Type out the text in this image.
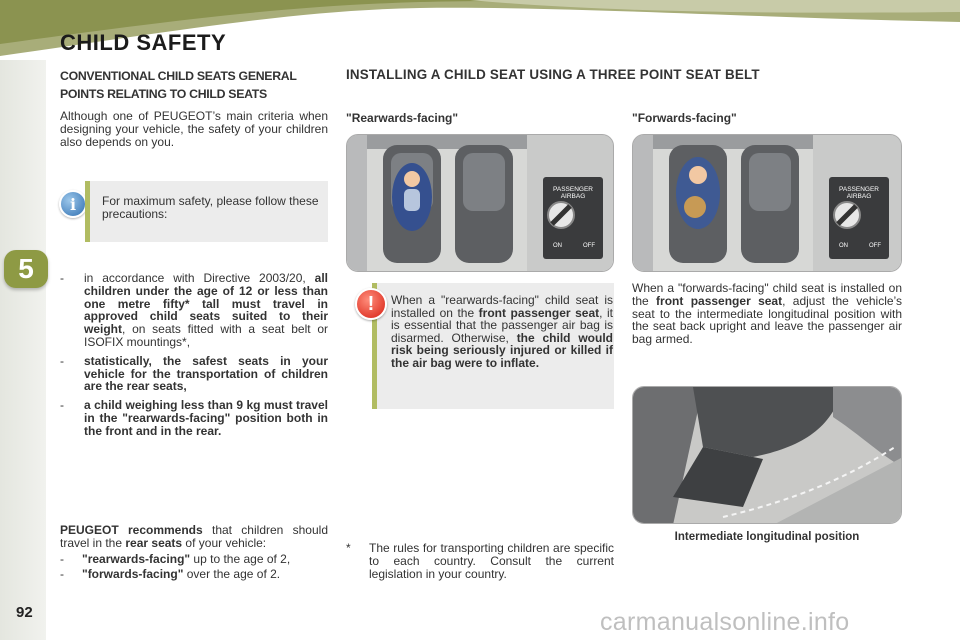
5
92
CHILD SAFETY
CONVENTIONAL CHILD SEATS GENERAL POINTS RELATING TO CHILD SEATS
Although one of PEUGEOT’s main criteria when designing your vehicle, the safety of your children also depends on you.
i	For maximum safety, please follow these precautions:
- in accordance with Directive 2003/20, all children under the age of 12 or less than one metre fifty* tall must travel in approved child seats suited to their weight, on seats fitted with a seat belt or ISOFIX mountings*,
- statistically, the safest seats in your vehicle for the transportation of children are the rear seats,
- a child weighing less than 9 kg must travel in the "rearwards-facing" position both in the front and in the rear.
PEUGEOT recommends that children should travel in the rear seats of your vehicle:
- "rearwards-facing" up to the age of 2,
- "forwards-facing" over the age of 2.
INSTALLING A CHILD SEAT USING A THREE POINT SEAT BELT
"Rearwards-facing"	"Forwards-facing"
PASSENGER
AIRBAG
ON	OFF
PASSENGER
AIRBAG
ON	OFF
When a "rearwards-facing" child seat is installed on the front passenger seat, it is essential that the passenger air bag is disarmed. Otherwise, the child would risk being seriously injured or killed if the air bag were to inflate.
!
When a "forwards-facing" child seat is installed on the front passenger seat, adjust the vehicle’s seat to the intermediate longitudinal position with the seat back upright and leave the passenger air bag armed.
Intermediate longitudinal position
* The rules for transporting children are specific to each country. Consult the current legislation in your country.
carmanualsonline.info
